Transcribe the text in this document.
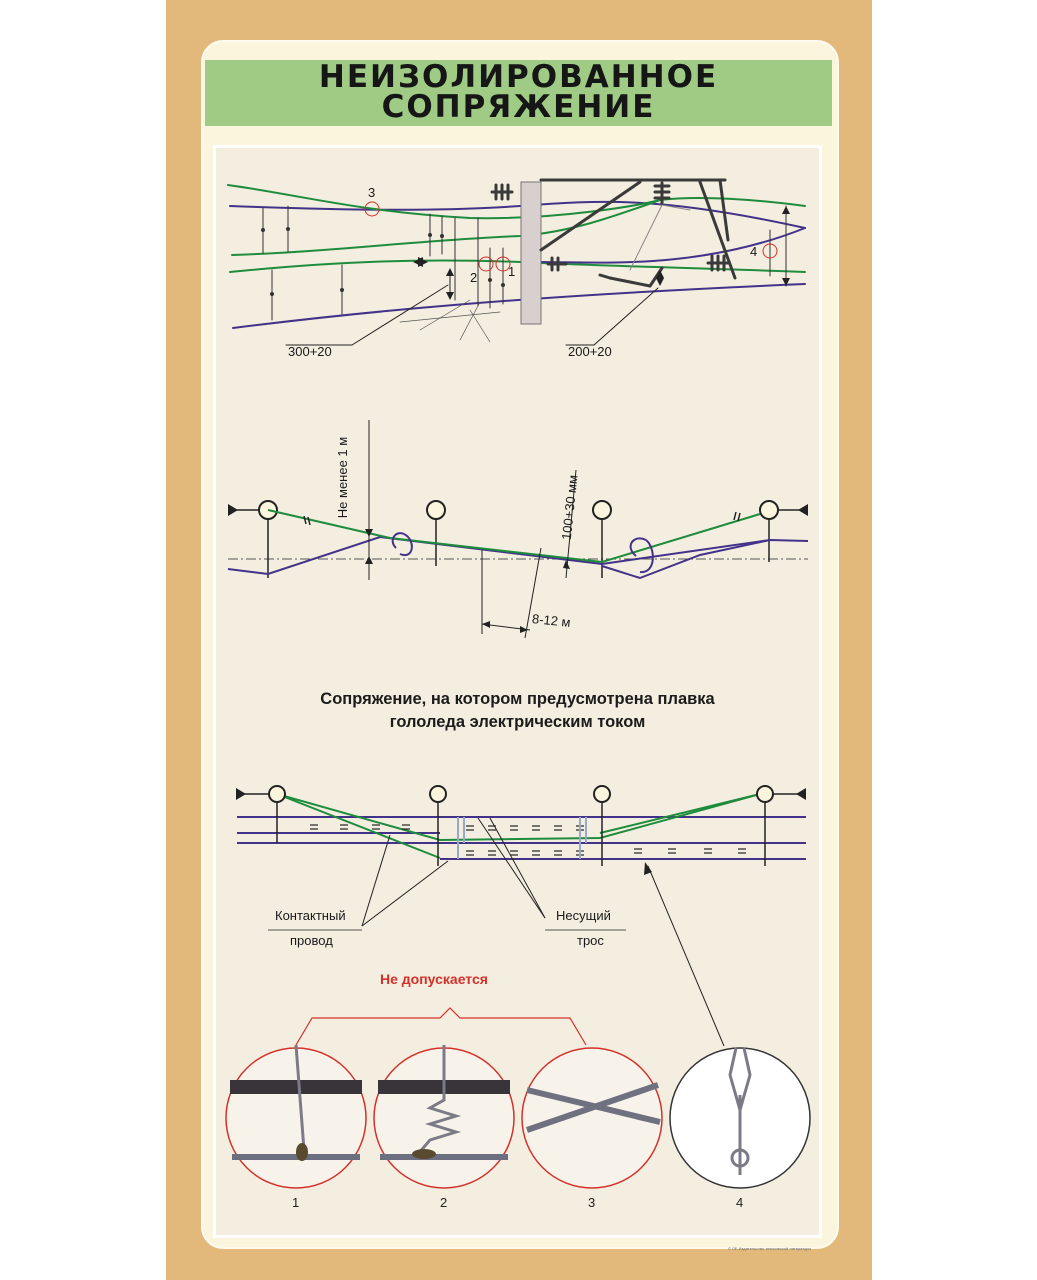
НЕИЗОЛИРОВАННОЕ
СОПРЯЖЕНИЕ
3
4
2 1
300+20	200+20
Не менее 1 м	100+30 мм
8-12 м
Сопряжение, на котором предусмотрена плавка
гололеда электрическим током
Контактный
провод
Несущий
трос
Не допускается
1	2	3	4
© ЛЕ-Издательство технической литературы
